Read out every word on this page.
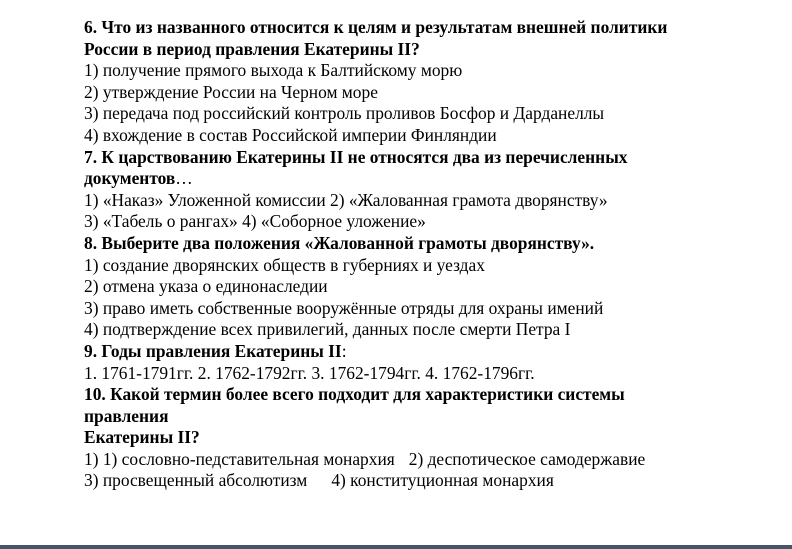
6. Что из названного относится к целям и результатам внешней политики
России в период правления Екатерины II?
1) получение прямого выхода к Балтийскому морю
2) утверждение России на Черном море
3) передача под российский контроль проливов Босфор и Дарданеллы
4) вхождение в состав Российской империи Финляндии
7. К царствованию Екатерины II не относятся два из перечисленных
документов…
1) «Наказ» Уложенной комиссии 2) «Жалованная грамота дворянству»
3) «Табель о рангах» 4) «Соборное уложение»
8. Выберите два положения «Жалованной грамоты дворянству».
1) создание дворянских обществ в губерниях и уездах
2) отмена указа о единонаследии
3) право иметь собственные вооружённые отряды для охраны имений
4) подтверждение всех привилегий, данных после смерти Петра I
9. Годы правления Екатерины II:
1. 1761-1791гг. 2. 1762-1792гг. 3. 1762-1794гг. 4. 1762-1796гг.
10. Какой термин более всего подходит для характеристики системы
правления
Екатерины II?
1) 1) сословно-педставительная монархия 2) деспотическое самодержавие
3) просвещенный абсолютизм 4) конституционная монархия
